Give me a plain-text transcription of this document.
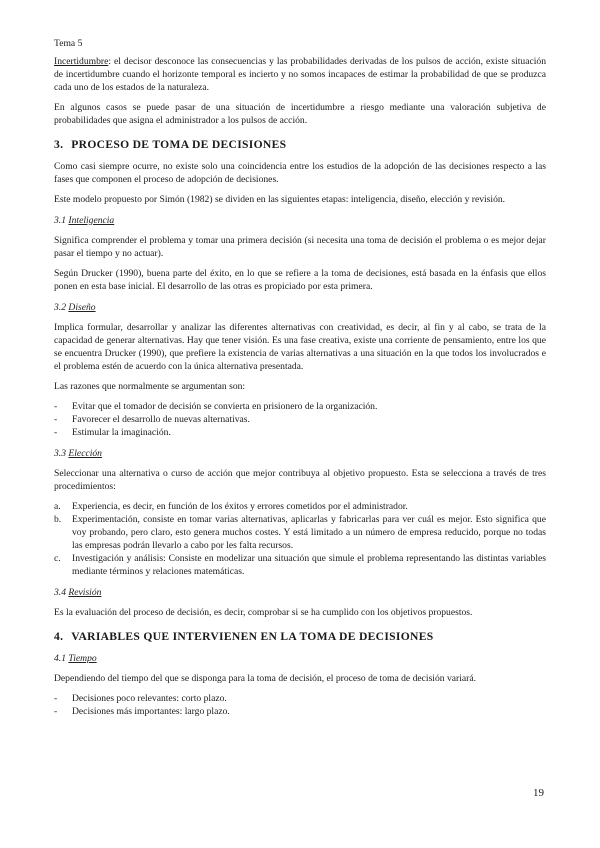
Tema 5

Incertidumbre: el decisor desconoce las consecuencias y las probabilidades derivadas de los pulsos de acción, existe situación de incertidumbre cuando el horizonte temporal es incierto y no somos incapaces de estimar la probabilidad de que se produzca cada uno de los estados de la naturaleza.

En algunos casos se puede pasar de una situación de incertidumbre a riesgo mediante una valoración subjetiva de probabilidades que asigna el administrador a los pulsos de acción.

3. PROCESO DE TOMA DE DECISIONES

Como casi siempre ocurre, no existe solo una coincidencia entre los estudios de la adopción de las decisiones respecto a las fases que componen el proceso de adopción de decisiones.

Este modelo propuesto por Simón (1982) se dividen en las siguientes etapas: inteligencia, diseño, elección y revisión.

3.1 Inteligencia

Significa comprender el problema y tomar una primera decisión (si necesita una toma de decisión el problema o es mejor dejar pasar el tiempo y no actuar).

Según Drucker (1990), buena parte del éxito, en lo que se refiere a la toma de decisiones, está basada en la énfasis que ellos ponen en esta base inicial. El desarrollo de las otras es propiciado por esta primera.

3.2 Diseño

Implica formular, desarrollar y analizar las diferentes alternativas con creatividad, es decir, al fin y al cabo, se trata de la capacidad de generar alternativas. Hay que tener visión. Es una fase creativa, existe una corriente de pensamiento, entre los que se encuentra Drucker (1990), que prefiere la existencia de varias alternativas a una situación en la que todos los involucrados e el problema estén de acuerdo con la única alternativa presentada.

Las razones que normalmente se argumentan son:

- Evitar que el tomador de decisión se convierta en prisionero de la organización.
- Favorecer el desarrollo de nuevas alternativas.
- Estimular la imaginación.
3.3 Elección

Seleccionar una alternativa o curso de acción que mejor contribuya al objetivo propuesto. Esta se selecciona a través de tres procedimientos:

a. Experiencia, es decir, en función de los éxitos y errores cometidos por el administrador.
b. Experimentación, consiste en tomar varias alternativas, aplicarlas y fabricarlas para ver cuál es mejor. Esto significa que voy probando, pero claro, esto genera muchos costes. Y está limitado a un número de empresa reducido, porque no todas las empresas podrán llevarlo a cabo por les falta recursos.
c. Investigación y análisis: Consiste en modelizar una situación que simule el problema representando las distintas variables mediante términos y relaciones matemáticas.
3.4 Revisión

Es la evaluación del proceso de decisión, es decir, comprobar si se ha cumplido con los objetivos propuestos.

4. VARIABLES QUE INTERVIENEN EN LA TOMA DE DECISIONES
4.1 Tiempo

Dependiendo del tiempo del que se disponga para la toma de decisión, el proceso de toma de decisión variará.

- Decisiones poco relevantes: corto plazo.
- Decisiones más importantes: largo plazo.
19
